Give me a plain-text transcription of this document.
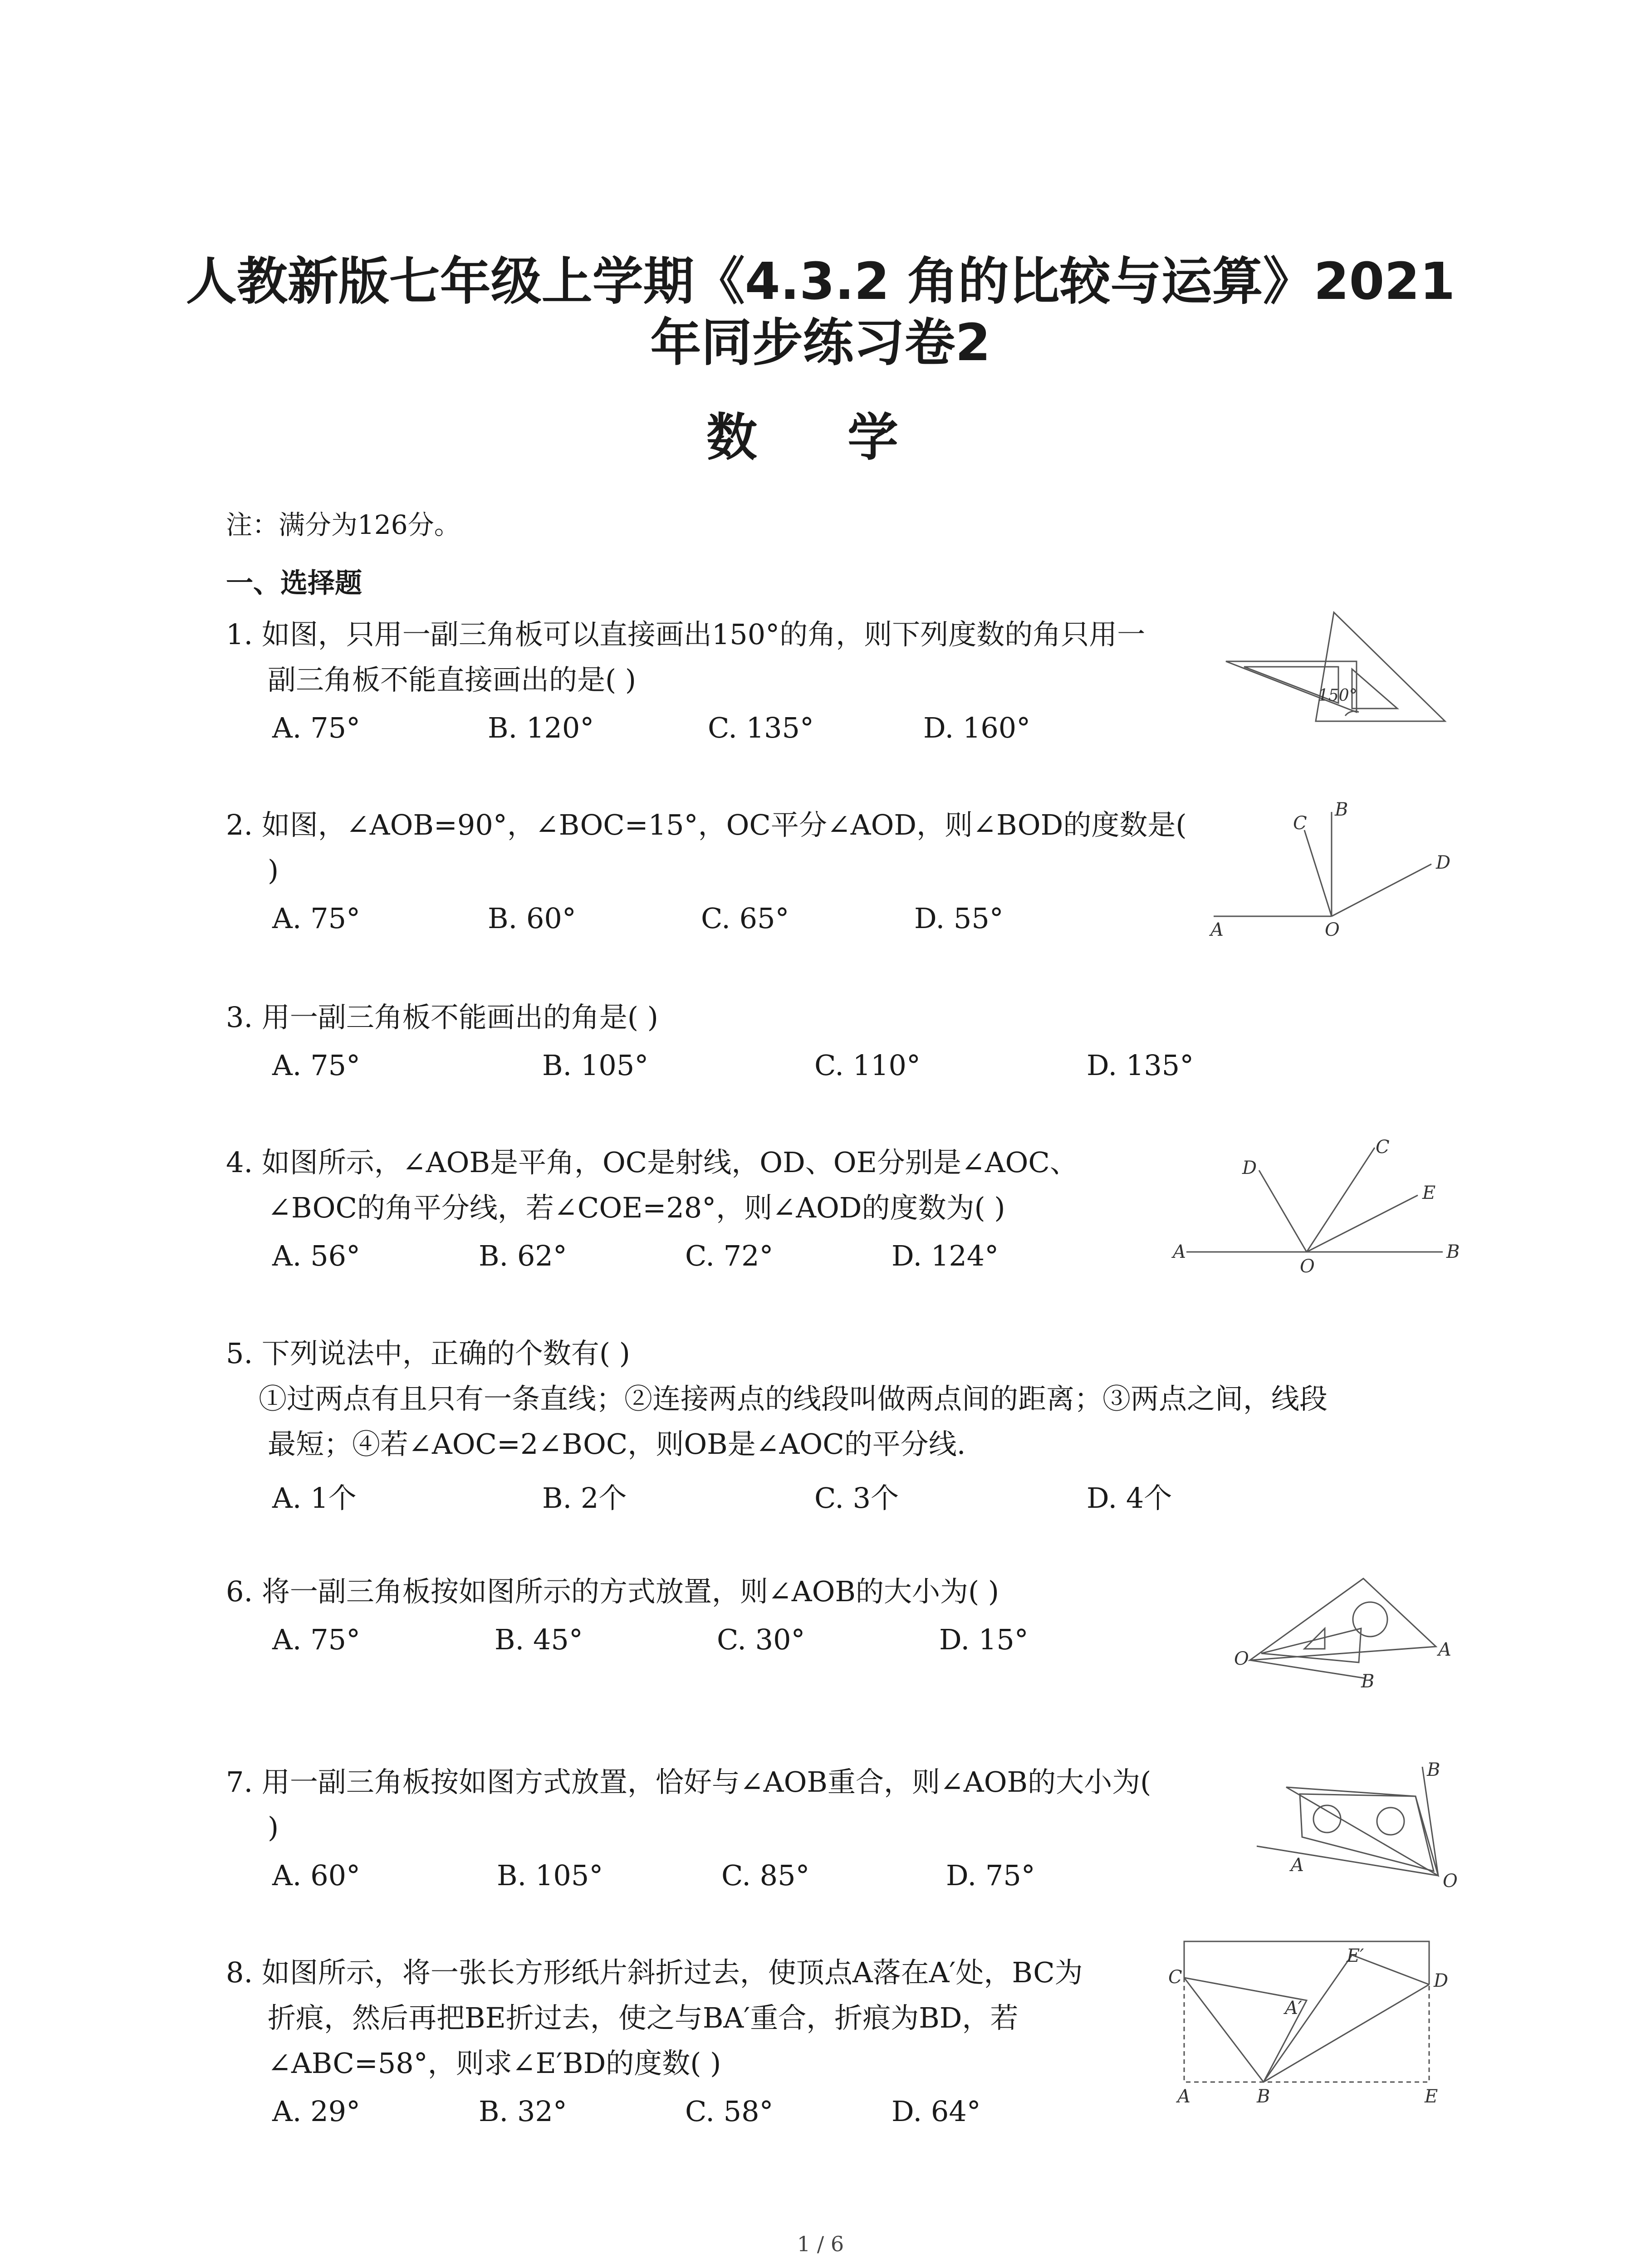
人教新版七年级上学期《4.3.2 角的比较与运算》2021
年同步练习卷2
数 学
注：满分为126分。
一、选择题
1. 如图，只用一副三角板可以直接画出150°的角，则下列度数的角只用一
副三角板不能直接画出的是( )
A. 75°	B. 120°	C. 135°	D. 160°
150°
2. 如图，∠AOB=90°，∠BOC=15°，OC平分∠AOD，则∠BOD的度数是(
)
A. 75°	B. 60°	C. 65°	D. 55°
C
B
D
A	O
3. 用一副三角板不能画出的角是( )
A. 75°	B. 105°	C. 110°	D. 135°
4. 如图所示，∠AOB是平角，OC是射线，OD、OE分别是∠AOC、
∠BOC的角平分线，若∠COE=28°，则∠AOD的度数为( )
A. 56°	B. 62°	C. 72°	D. 124°
D
C
E
A
O
B
5. 下列说法中，正确的个数有( )
①过两点有且只有一条直线；②连接两点的线段叫做两点间的距离；③两点之间，线段
最短；④若∠AOC=2∠BOC，则OB是∠AOC的平分线.
A. 1个	B. 2个	C. 3个	D. 4个
6. 将一副三角板按如图所示的方式放置，则∠AOB的大小为( )
A. 75°	B. 45°	C. 30°	D. 15°
O
B
A
7. 用一副三角板按如图方式放置，恰好与∠AOB重合，则∠AOB的大小为(
)
A. 60°	B. 105°	C. 85°	D. 75°
B
A
O
8. 如图所示，将一张长方形纸片斜折过去，使顶点A落在A′处，BC为
折痕，然后再把BE折过去，使之与BA′重合，折痕为BD，若
∠ABC=58°，则求∠E′BD的度数( )
A. 29°	B. 32°	C. 58°	D. 64°
C
E′
A′
D
A	B	E
1 / 6
